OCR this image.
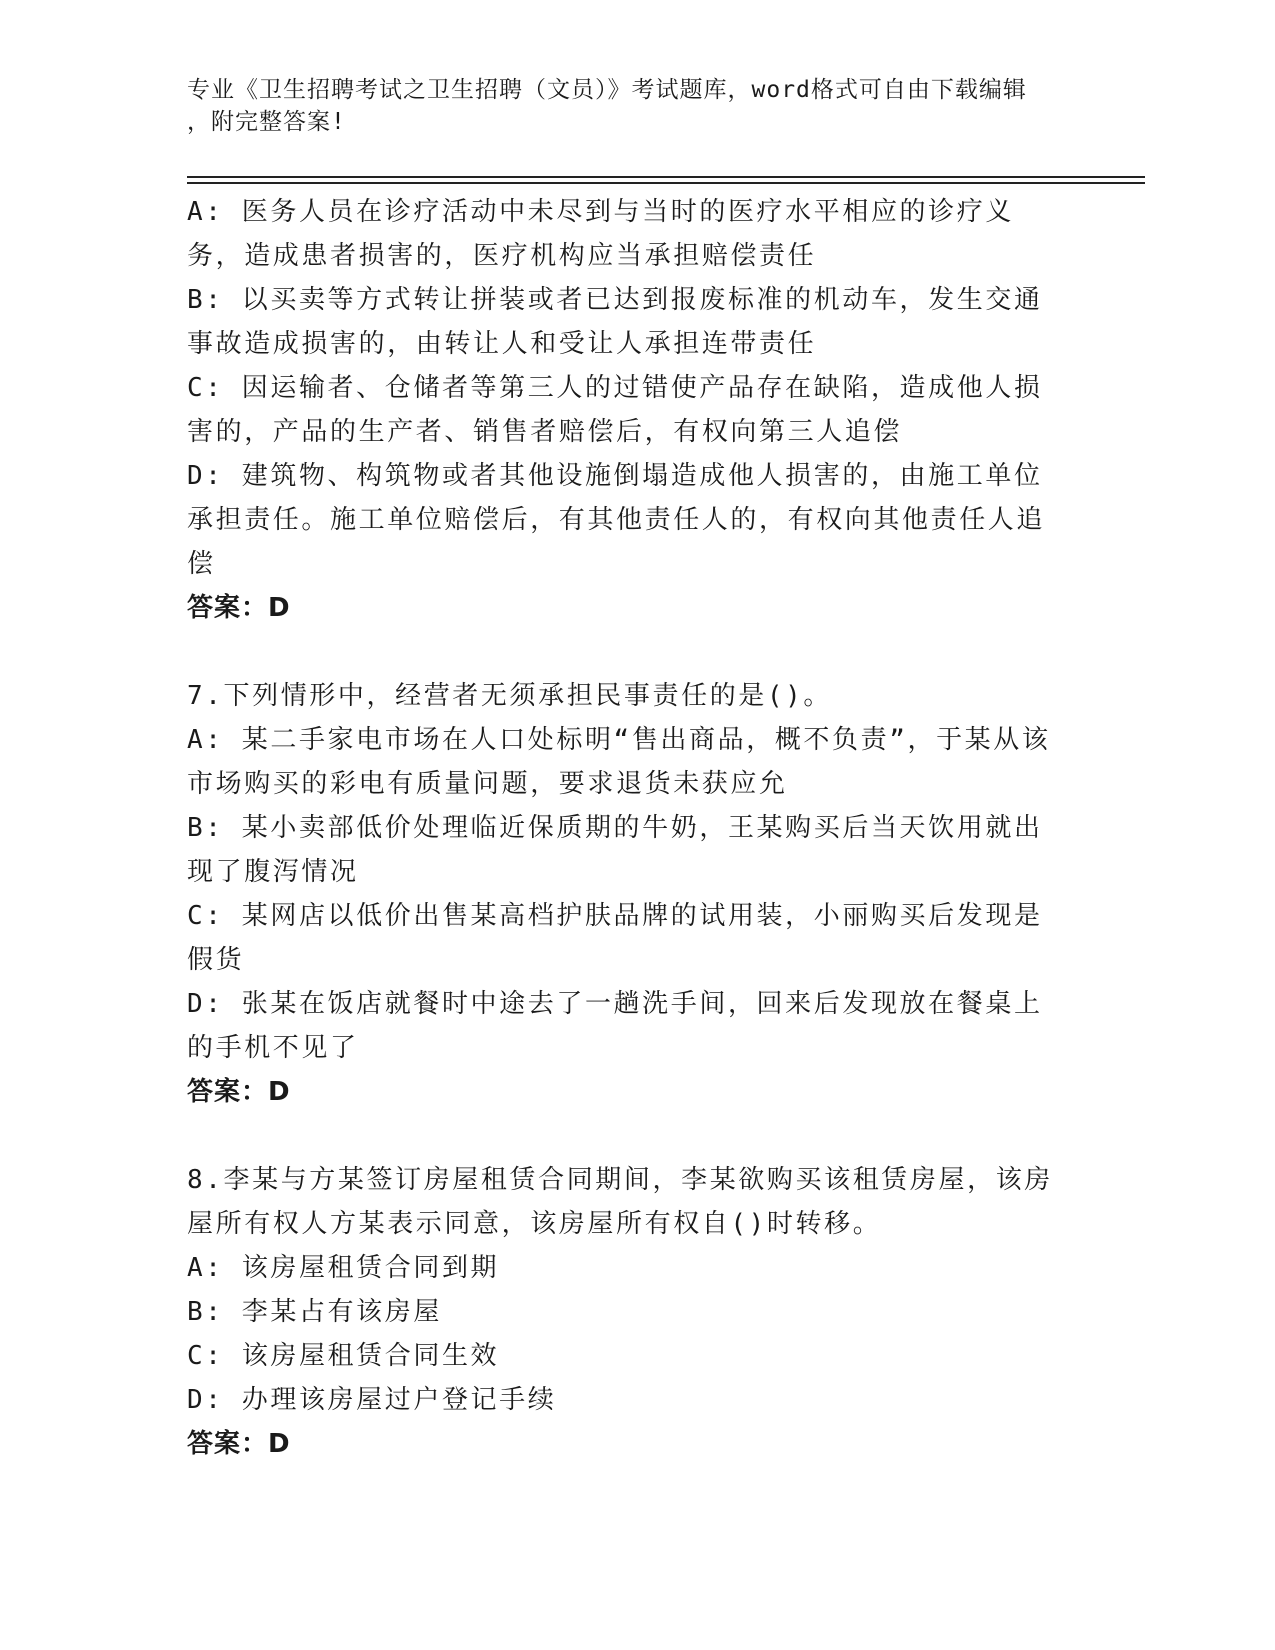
专业《卫生招聘考试之卫生招聘（文员）》考试题库，word格式可自由下载编辑
，附完整答案!

A: 医务人员在诊疗活动中未尽到与当时的医疗水平相应的诊疗义务，造成患者损害的，医疗机构应当承担赔偿责任

B: 以买卖等方式转让拼装或者已达到报废标准的机动车，发生交通事故造成损害的，由转让人和受让人承担连带责任

C: 因运输者、仓储者等第三人的过错使产品存在缺陷，造成他人损害的，产品的生产者、销售者赔偿后，有权向第三人追偿

D: 建筑物、构筑物或者其他设施倒塌造成他人损害的，由施工单位承担责任。施工单位赔偿后，有其他责任人的，有权向其他责任人追偿

答案：D

7.下列情形中，经营者无须承担民事责任的是()。

A: 某二手家电市场在人口处标明“售出商品，概不负责”，于某从该市场购买的彩电有质量问题，要求退货未获应允

B: 某小卖部低价处理临近保质期的牛奶，王某购买后当天饮用就出现了腹泻情况

C: 某网店以低价出售某高档护肤品牌的试用装，小丽购买后发现是假货

D: 张某在饭店就餐时中途去了一趟洗手间，回来后发现放在餐桌上的手机不见了

答案：D

8.李某与方某签订房屋租赁合同期间，李某欲购买该租赁房屋，该房屋所有权人方某表示同意，该房屋所有权自()时转移。

A: 该房屋租赁合同到期

B: 李某占有该房屋

C: 该房屋租赁合同生效

D: 办理该房屋过户登记手续

答案：D
